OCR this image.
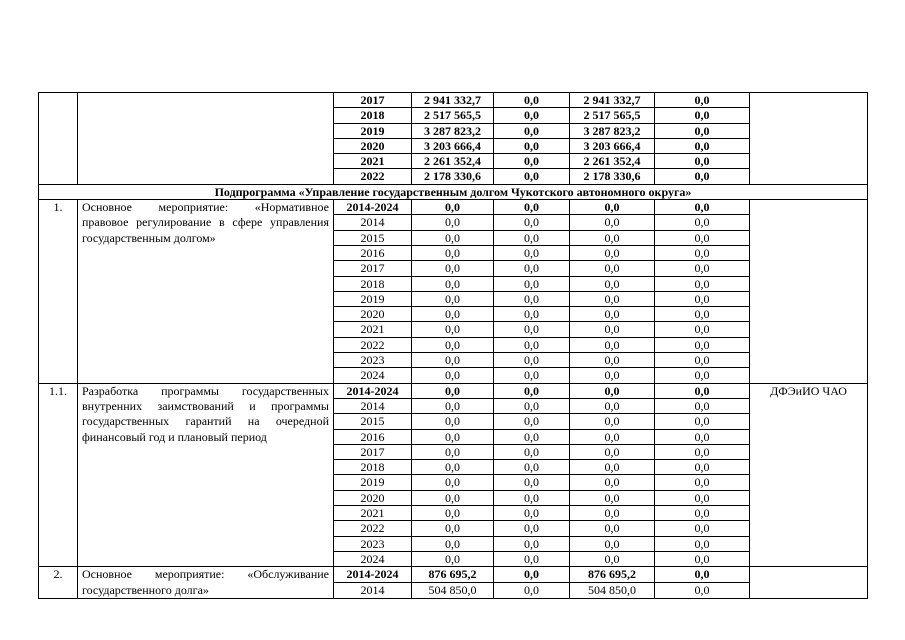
		2017	2 941 332,7	0,0	2 941 332,7	0,0	
		2018	2 517 565,5	0,0	2 517 565,5	0,0	
		2019	3 287 823,2	0,0	3 287 823,2	0,0	
		2020	3 203 666,4	0,0	3 203 666,4	0,0	
		2021	2 261 352,4	0,0	2 261 352,4	0,0	
		2022	2 178 330,6	0,0	2 178 330,6	0,0	
Подпрограмма «Управление государственным долгом Чукотского автономного округа»							
1.	Основное мероприятие: «Нормативное правовое регулирование в сфере управления государственным долгом»	2014-2024	0,0	0,0	0,0	0,0	
		2014	0,0	0,0	0,0	0,0	
		2015	0,0	0,0	0,0	0,0	
		2016	0,0	0,0	0,0	0,0	
		2017	0,0	0,0	0,0	0,0	
		2018	0,0	0,0	0,0	0,0	
		2019	0,0	0,0	0,0	0,0	
		2020	0,0	0,0	0,0	0,0	
		2021	0,0	0,0	0,0	0,0	
		2022	0,0	0,0	0,0	0,0	
		2023	0,0	0,0	0,0	0,0	
		2024	0,0	0,0	0,0	0,0	
1.1.	Разработка программы государственных внутренних заимствований и программы государственных гарантий на очередной финансовый год и плановый период	2014-2024	0,0	0,0	0,0	0,0	ДФЭиИО ЧАО
		2014	0,0	0,0	0,0	0,0	
		2015	0,0	0,0	0,0	0,0	
		2016	0,0	0,0	0,0	0,0	
		2017	0,0	0,0	0,0	0,0	
		2018	0,0	0,0	0,0	0,0	
		2019	0,0	0,0	0,0	0,0	
		2020	0,0	0,0	0,0	0,0	
		2021	0,0	0,0	0,0	0,0	
		2022	0,0	0,0	0,0	0,0	
		2023	0,0	0,0	0,0	0,0	
		2024	0,0	0,0	0,0	0,0	
2.	Основное мероприятие: «Обслуживание государственного долга»	2014-2024	876 695,2	0,0	876 695,2	0,0	
		2014	504 850,0	0,0	504 850,0	0,0	
